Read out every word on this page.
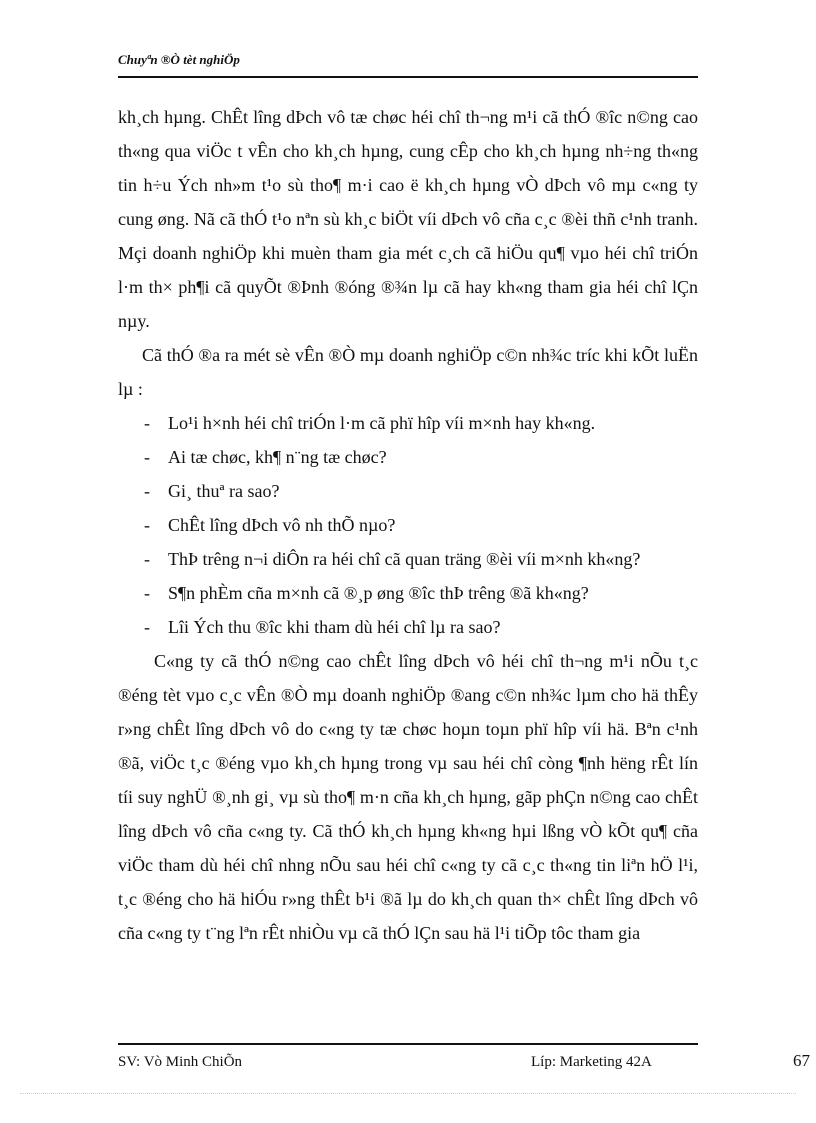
Chuyªn ®Ò tèt nghiÖp

kh¸ch hµng. ChÊt lîng dÞch vô tæ chøc héi chî th¬ng m¹i cã thÓ ®îc n©ng cao th«ng qua viÖc t vÊn cho kh¸ch hµng, cung cÊp cho kh¸ch hµng nh÷ng th«ng tin h÷u Ých nh»m t¹o sù tho¶ m·i cao ë kh¸ch hµng vÒ dÞch vô mµ c«ng ty cung øng. Nã cã thÓ t¹o nªn sù kh¸c biÖt víi dÞch vô cña c¸c ®èi thñ c¹nh tranh. Mçi doanh nghiÖp khi muèn tham gia mét c¸ch cã hiÖu qu¶ vµo héi chî triÓn l·m th× ph¶i cã quyÕt ®Þnh ®óng ®¾n lµ cã hay kh«ng tham gia héi chî lÇn nµy.

Cã thÓ ®a ra mét sè vÊn ®Ò mµ doanh nghiÖp c©n nh¾c tríc khi kÕt luËn lµ :

- Lo¹i h×nh héi chî triÓn l·m cã phï hîp víi m×nh hay kh«ng.
- Ai tæ chøc, kh¶ n¨ng tæ chøc?
- Gi¸ thuª ra sao?
- ChÊt lîng dÞch vô nh thÕ nµo?
- ThÞ trêng n¬i diÔn ra héi chî cã quan träng ®èi víi m×nh kh«ng?
- S¶n phÈm cña m×nh cã ®¸p øng ®îc thÞ trêng ®ã kh«ng?
- Lîi Ých thu ®îc khi tham dù héi chî lµ ra sao?

C«ng ty cã thÓ n©ng cao chÊt lîng dÞch vô héi chî th¬ng m¹i nÕu t¸c ®éng tèt vµo c¸c vÊn ®Ò mµ doanh nghiÖp ®ang c©n nh¾c lµm cho hä thÊy r»ng chÊt lîng dÞch vô do c«ng ty tæ chøc hoµn toµn phï hîp víi hä. Bªn c¹nh ®ã, viÖc t¸c ®éng vµo kh¸ch hµng trong vµ sau héi chî còng ¶nh hëng rÊt lín tíi suy nghÜ ®¸nh gi¸ vµ sù tho¶ m·n cña kh¸ch hµng, gãp phÇn n©ng cao chÊt lîng dÞch vô cña c«ng ty. Cã thÓ kh¸ch hµng kh«ng hµi lßng vÒ kÕt qu¶ cña viÖc tham dù héi chî nhng nÕu sau héi chî c«ng ty cã c¸c th«ng tin liªn hÖ l¹i, t¸c ®éng cho hä hiÓu r»ng thÊt b¹i ®ã lµ do kh¸ch quan th× chÊt lîng dÞch vô cña c«ng ty t¨ng lªn rÊt nhiÒu vµ cã thÓ lÇn sau hä l¹i tiÕp tôc tham gia

SV: Vò Minh ChiÕn	Líp: Marketing 42A	67
